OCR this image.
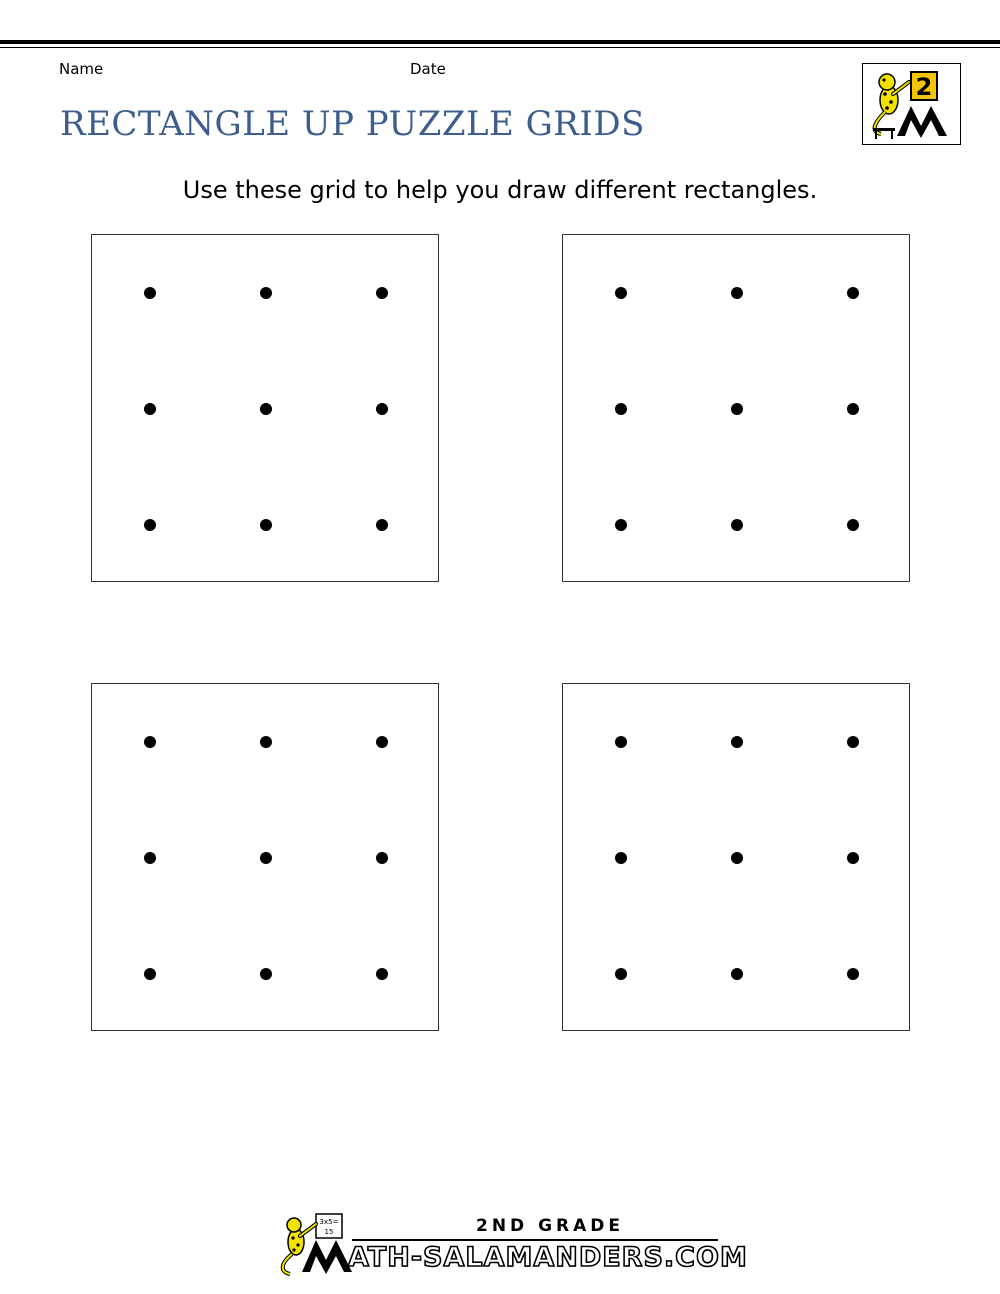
Name	Date
RECTANGLE UP PUZZLE GRIDS
2
Use these grid to help you draw different rectangles.
3x5=
15	2ND GRADE
ATH-SALAMANDERS.COM
